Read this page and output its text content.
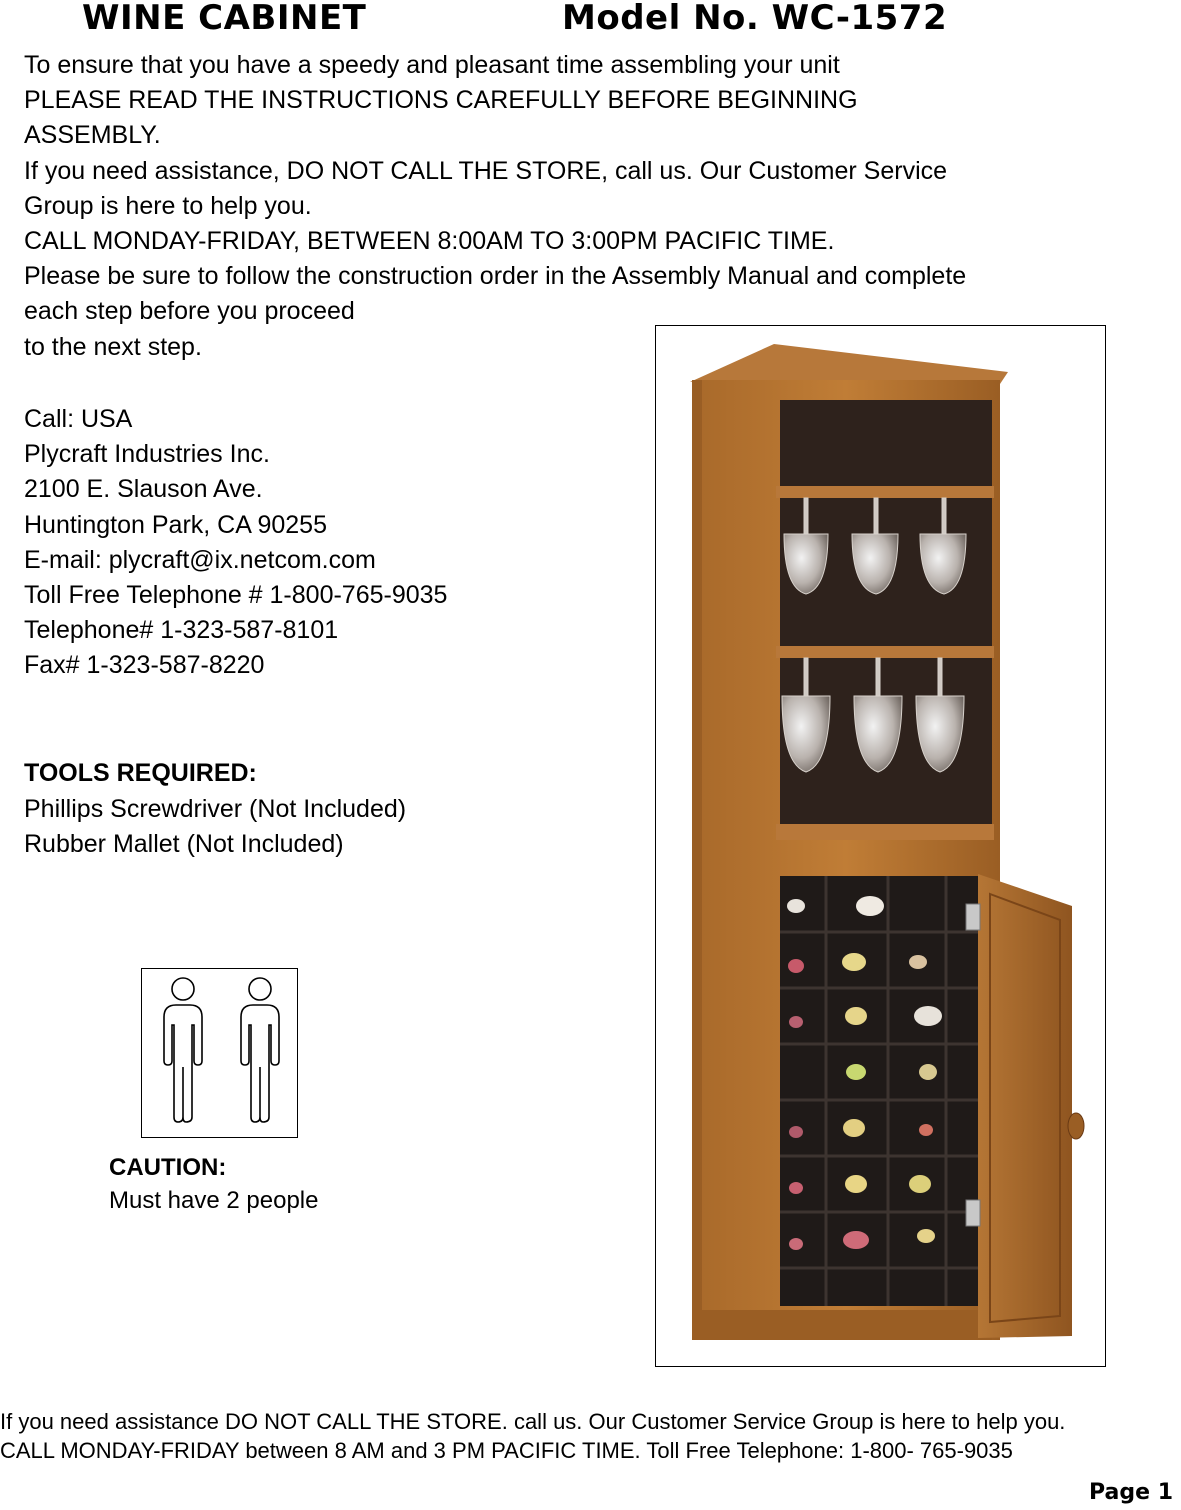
WINE CABINET	Model No. WC-1572
To ensure that you have a speedy and pleasant time assembling your unit
PLEASE READ THE INSTRUCTIONS CAREFULLY BEFORE BEGINNING
ASSEMBLY.
If you need assistance, DO NOT CALL THE STORE, call us. Our Customer Service
Group is here to help you.
CALL MONDAY-FRIDAY, BETWEEN 8:00AM TO 3:00PM PACIFIC TIME.
Please be sure to follow the construction order in the Assembly Manual and complete
each step before you proceed
to the next step.
Call: USA
Plycraft Industries Inc.
2100 E. Slauson Ave.
Huntington Park, CA 90255
E-mail: plycraft@ix.netcom.com
Toll Free Telephone # 1-800-765-9035
Telephone# 1-323-587-8101
Fax# 1-323-587-8220
TOOLS REQUIRED:
Phillips Screwdriver (Not Included)
Rubber Mallet (Not Included)
CAUTION:
Must have 2 people
If you need assistance DO NOT CALL THE STORE. call us. Our Customer Service Group is here to help you.
CALL MONDAY-FRIDAY between 8 AM and 3 PM PACIFIC TIME. Toll Free Telephone: 1-800- 765-9035
Page 1
